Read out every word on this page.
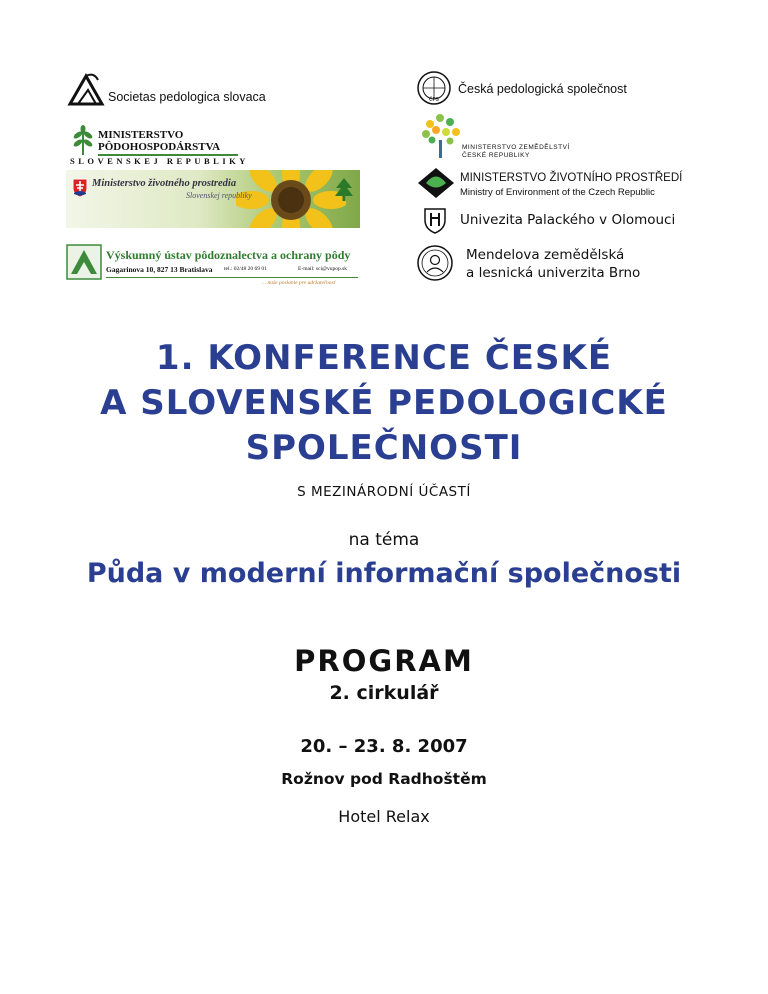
Societas pedologica slovaca
MINISTERSTVO
PÔDOHOSPODÁRSTVA
SLOVENSKEJ REPUBLIKY
Ministerstvo životného prostredia
Slovenskej republiky
Výskumný ústav pôdoznalectva a ochrany pôdy
Gagarinova 10, 827 13 Bratislava tel.: 02/48 20 69 01	E-mail: sci@vupop.sk
... naše poslanie pre udržateľnosť
ČPS
Česká pedologická společnost
MINISTERSTVO ZEMĚDĚLSTVÍ
ČESKÉ REPUBLIKY
MINISTERSTVO ŽIVOTNÍHO PROSTŘEDÍ
Ministry of Environment of the Czech Republic
Univezita Palackého v Olomouci
Mendelova zemědělská
a lesnická univerzita Brno
1. KONFERENCE ČESKÉ
A SLOVENSKÉ PEDOLOGICKÉ
SPOLEČNOSTI
S MEZINÁRODNÍ ÚČASTÍ
na téma
Půda v moderní informační společnosti
PROGRAM
2. cirkulář
20. – 23. 8. 2007
Rožnov pod Radhoštěm
Hotel Relax
